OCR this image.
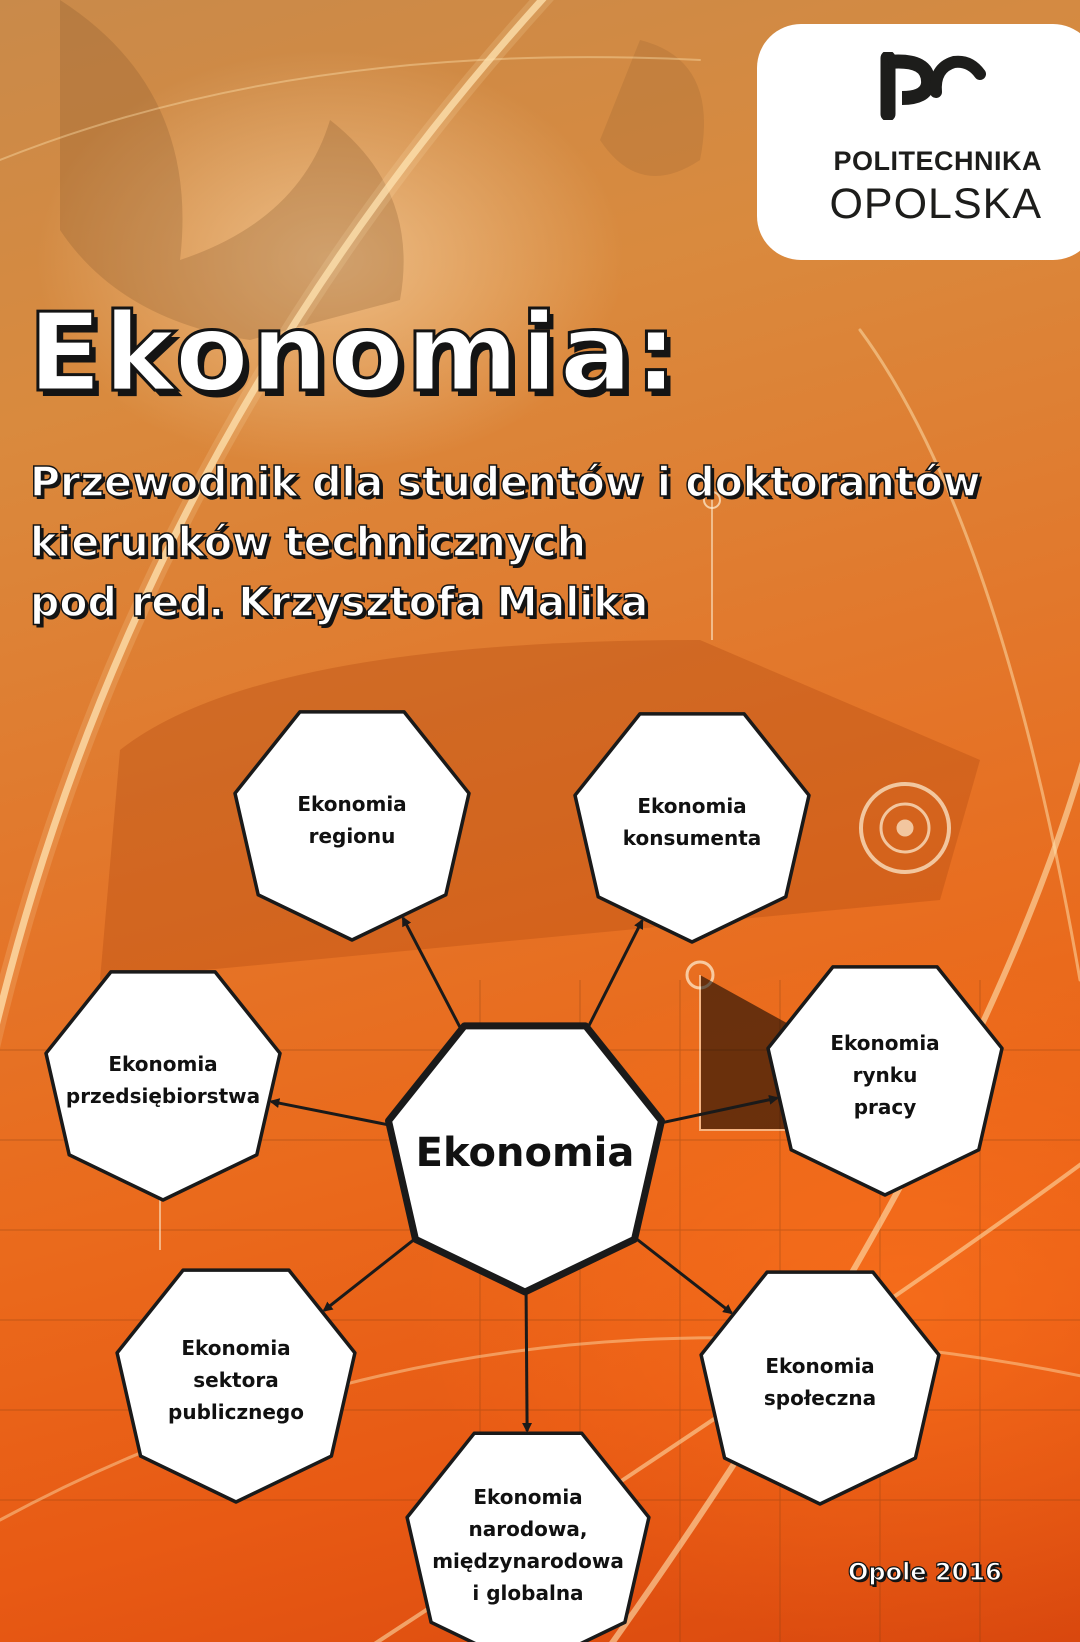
POLITECHNIKA
OPOLSKA
Ekonomia:
Przewodnik dla studentów i doktorantów
kierunków technicznych
pod red. Krzysztofa Malika
Ekonomia
regionu
Ekonomia
konsumenta
Ekonomia
przedsiębiorstwa
Ekonomia
rynku
pracy
Ekonomia
sektora
publicznego
Ekonomia
społeczna
Ekonomia
narodowa,
międzynarodowa
i globalna
Ekonomia
Opole 2016
